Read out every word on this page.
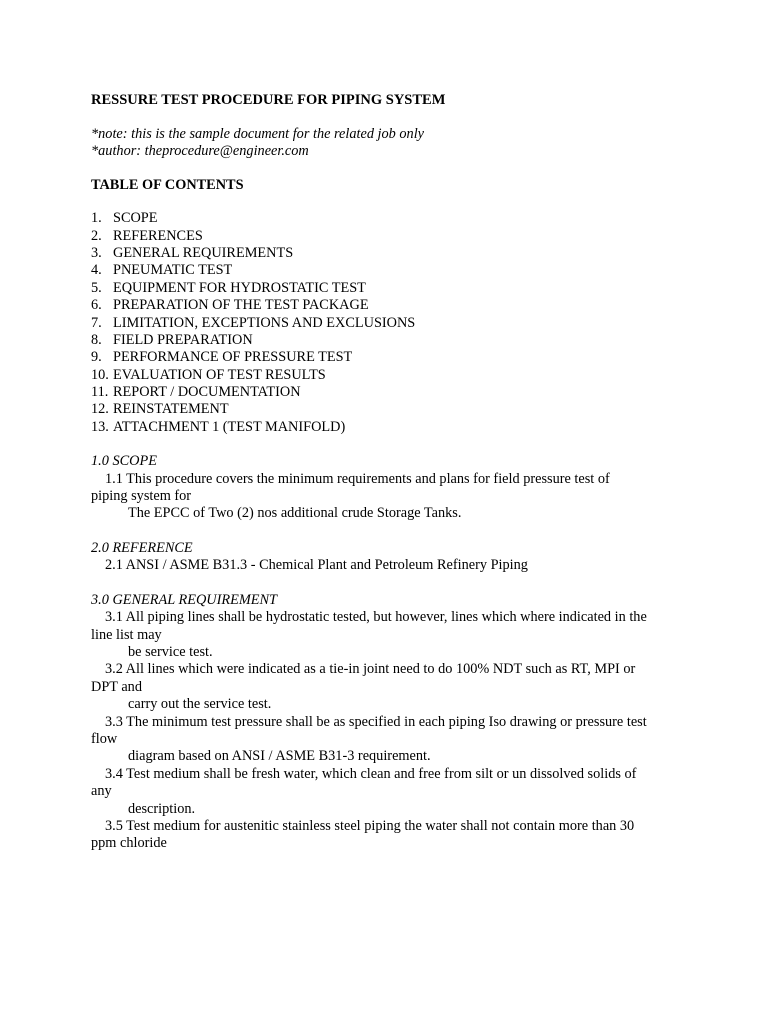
RESSURE TEST PROCEDURE FOR PIPING SYSTEM
*note: this is the sample document for the related job only
*author: theprocedure@engineer.com
TABLE OF CONTENTS
1. SCOPE
2. REFERENCES
3. GENERAL REQUIREMENTS
4. PNEUMATIC TEST
5. EQUIPMENT FOR HYDROSTATIC TEST
6. PREPARATION OF THE TEST PACKAGE
7. LIMITATION, EXCEPTIONS AND EXCLUSIONS
8. FIELD PREPARATION
9. PERFORMANCE OF PRESSURE TEST
10. EVALUATION OF TEST RESULTS
11. REPORT / DOCUMENTATION
12. REINSTATEMENT
13. ATTACHMENT 1 (TEST MANIFOLD)
1.0 SCOPE
1.1 This procedure covers the minimum requirements and plans for field pressure test of
piping system for
The EPCC of Two (2) nos additional crude Storage Tanks.
2.0 REFERENCE
2.1 ANSI / ASME B31.3 - Chemical Plant and Petroleum Refinery Piping
3.0 GENERAL REQUIREMENT
3.1 All piping lines shall be hydrostatic tested, but however, lines which where indicated in the
line list may
be service test.
3.2 All lines which were indicated as a tie-in joint need to do 100% NDT such as RT, MPI or
DPT and
carry out the service test.
3.3 The minimum test pressure shall be as specified in each piping Iso drawing or pressure test
flow
diagram based on ANSI / ASME B31-3 requirement.
3.4 Test medium shall be fresh water, which clean and free from silt or un dissolved solids of
any
description.
3.5 Test medium for austenitic stainless steel piping the water shall not contain more than 30
ppm chloride
